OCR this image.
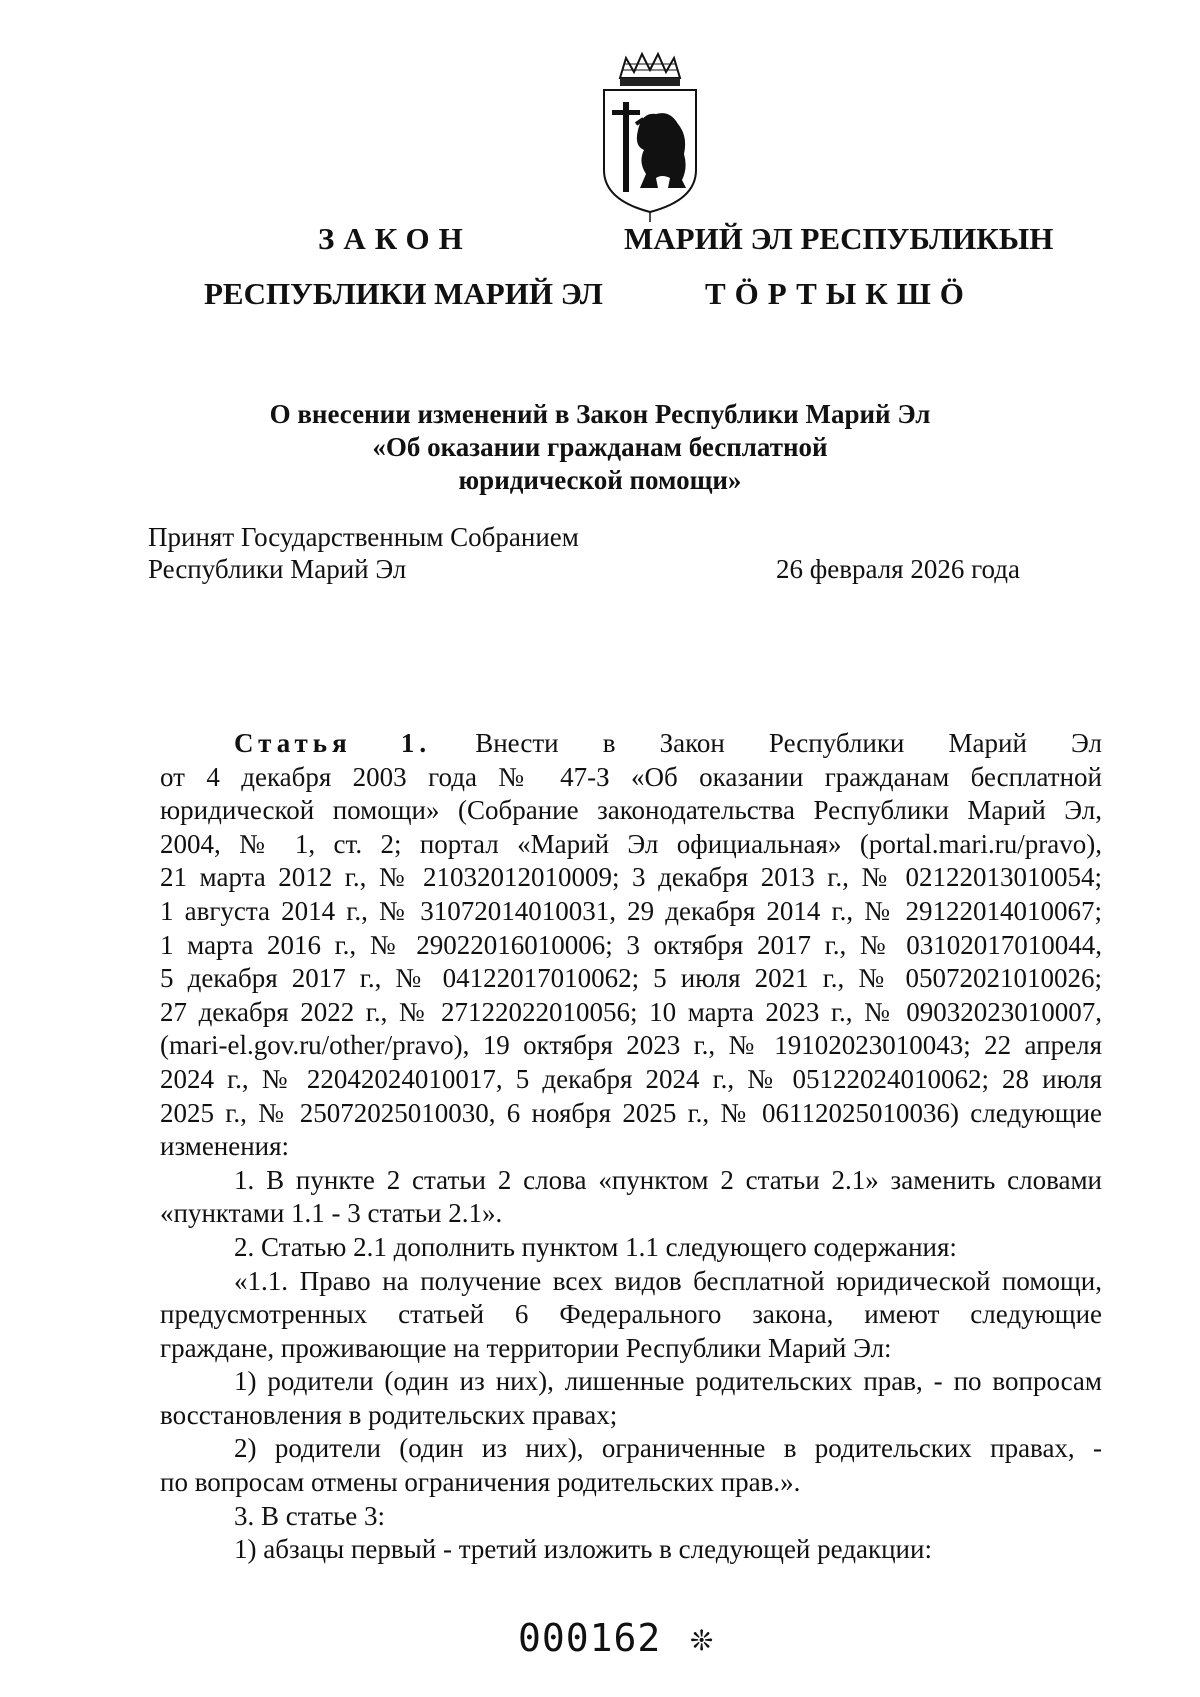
ЗАКОН
РЕСПУБЛИКИ МАРИЙ ЭЛ
МАРИЙ ЭЛ РЕСПУБЛИКЫН
ТӦРТЫКШӦ
О внесении изменений в Закон Республики Марий Эл
«Об оказании гражданам бесплатной
юридической помощи»
Принят Государственным Собранием
Республики Марий Эл	26 февраля 2026 года
Статья 1. Внести в Закон Республики Марий Эл
от 4 декабря 2003 года № 47-З «Об оказании гражданам бесплатной
юридической помощи» (Собрание законодательства Республики Марий Эл,
2004, № 1, ст. 2; портал «Марий Эл официальная» (portal.mari.ru/pravo),
21 марта 2012 г., № 21032012010009; 3 декабря 2013 г., № 02122013010054;
1 августа 2014 г., № 31072014010031, 29 декабря 2014 г., № 29122014010067;
1 марта 2016 г., № 29022016010006; 3 октября 2017 г., № 03102017010044,
5 декабря 2017 г., № 04122017010062; 5 июля 2021 г., № 05072021010026;
27 декабря 2022 г., № 27122022010056; 10 марта 2023 г., № 09032023010007,
(mari-el.gov.ru/other/pravo), 19 октября 2023 г., № 19102023010043; 22 апреля
2024 г., № 22042024010017, 5 декабря 2024 г., № 05122024010062; 28 июля
2025 г., № 25072025010030, 6 ноября 2025 г., № 06112025010036) следующие
изменения:
1. В пункте 2 статьи 2 слова «пунктом 2 статьи 2.1» заменить словами
«пунктами 1.1 - 3 статьи 2.1».
2. Статью 2.1 дополнить пунктом 1.1 следующего содержания:
«1.1. Право на получение всех видов бесплатной юридической помощи,
предусмотренных статьей 6 Федерального закона, имеют следующие
граждане, проживающие на территории Республики Марий Эл:
1) родители (один из них), лишенные родительских прав, - по вопросам
восстановления в родительских правах;
2) родители (один из них), ограниченные в родительских правах, -
по вопросам отмены ограничения родительских прав.».
3. В статье 3:
1) абзацы первый - третий изложить в следующей редакции:
000162 ❊
